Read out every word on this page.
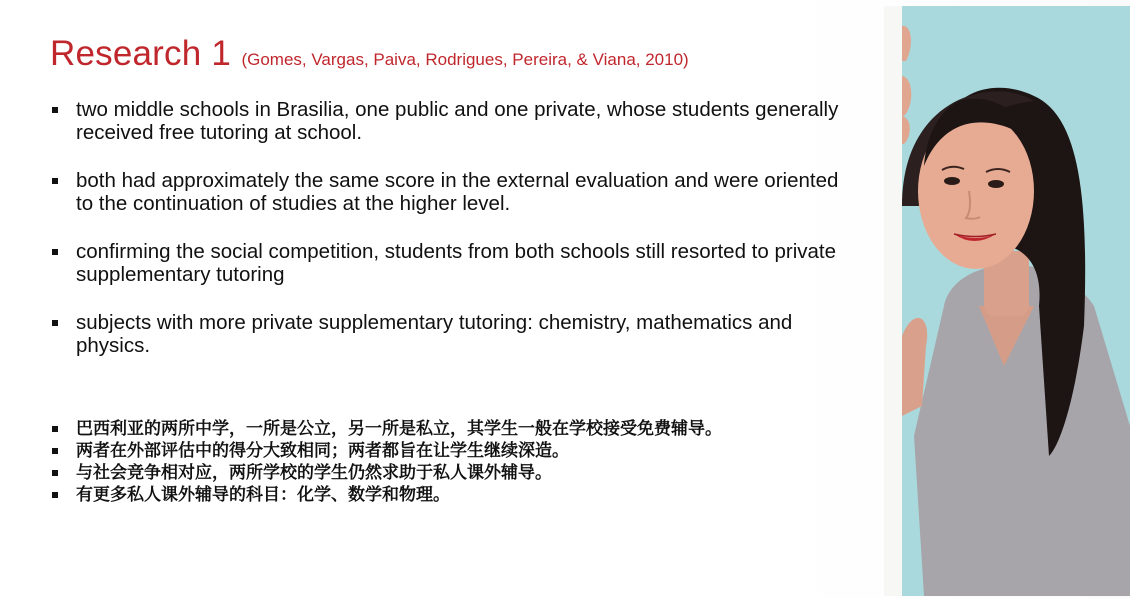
Research 1 (Gomes, Vargas, Paiva, Rodrigues, Pereira, & Viana, 2010)
two middle schools in Brasilia, one public and one private, whose students generally received free tutoring at school.
both had approximately the same score in the external evaluation and were oriented to the continuation of studies at the higher level.
confirming the social competition, students from both schools still resorted to private supplementary tutoring
subjects with more private supplementary tutoring: chemistry, mathematics and physics.
巴西利亚的两所中学，一所是公立，另一所是私立，其学生一般在学校接受免费辅导。
两者在外部评估中的得分大致相同；两者都旨在让学生继续深造。
与社会竞争相对应，两所学校的学生仍然求助于私人课外辅导。
有更多私人课外辅导的科目：化学、数学和物理。
